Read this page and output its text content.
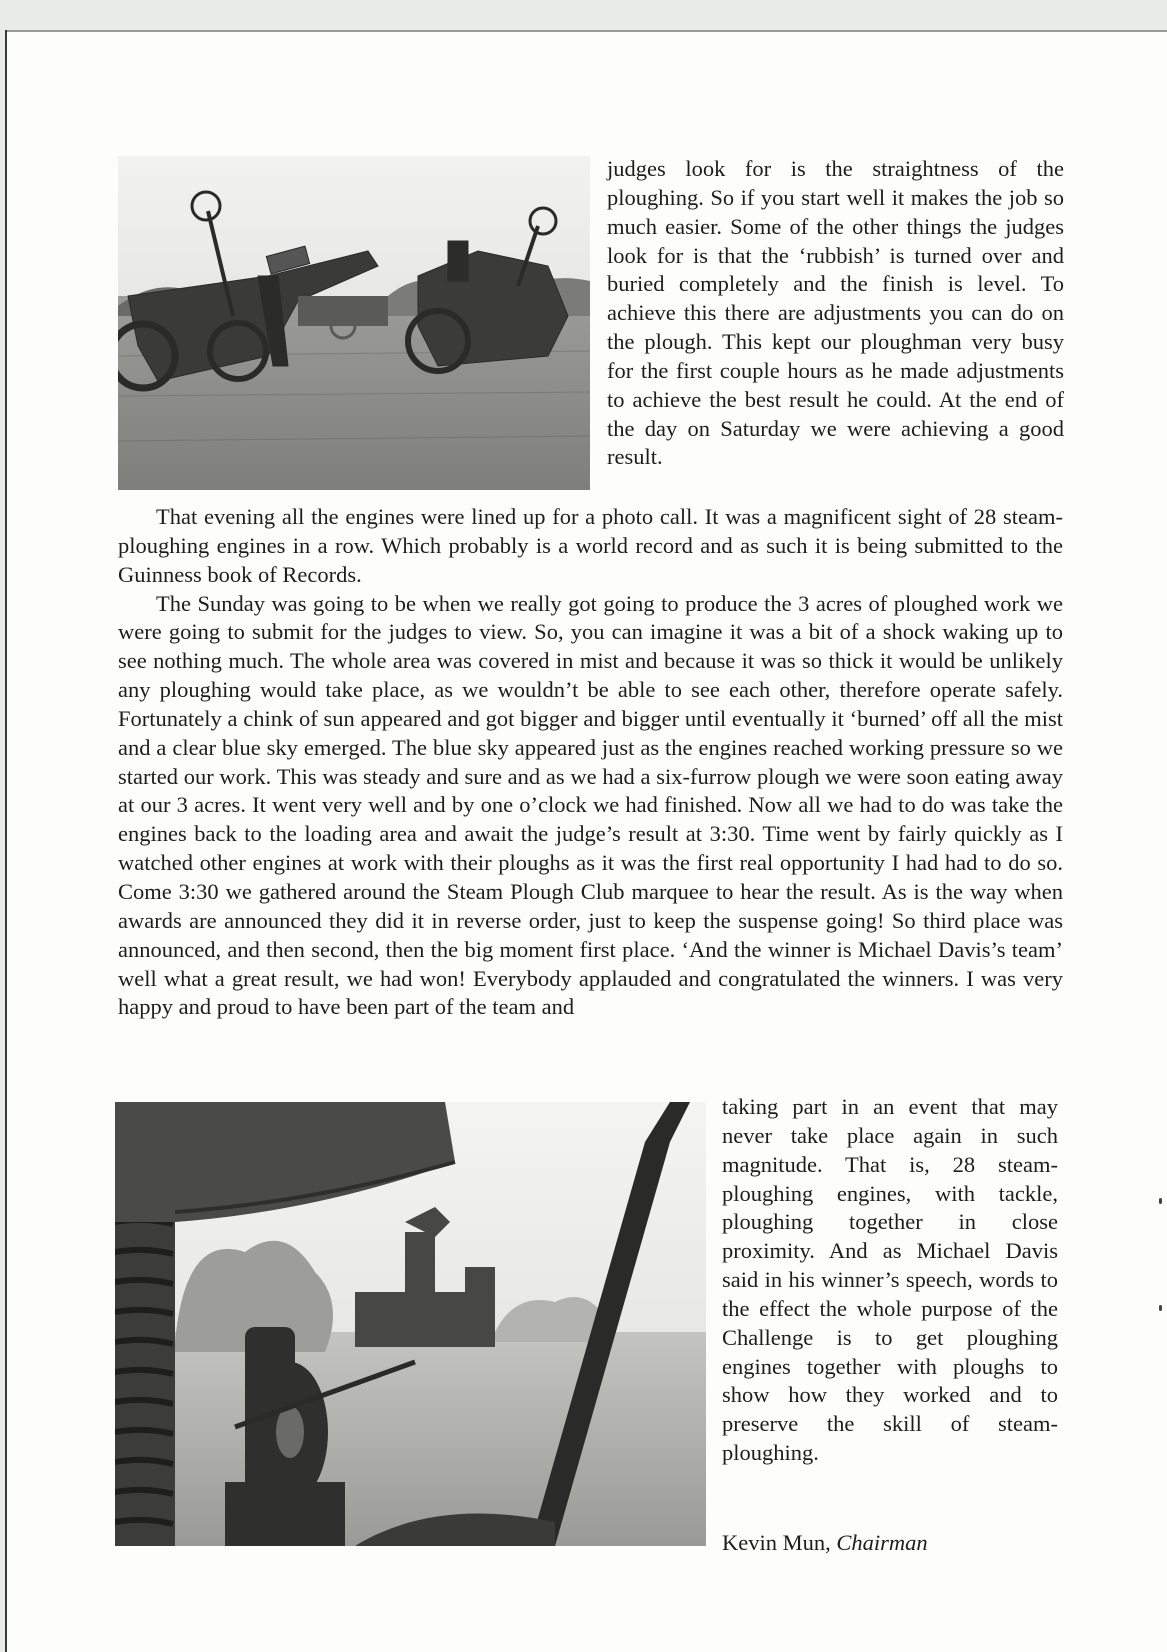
judges look for is the straightness of the ploughing. So if you start well it makes the job so much easier. Some of the other things the judges look for is that the ‘rubbish’ is turned over and buried completely and the finish is level. To achieve this there are adjustments you can do on the plough. This kept our ploughman very busy for the first couple hours as he made adjustments to achieve the best result he could. At the end of the day on Saturday we were achieving a good result.

That evening all the engines were lined up for a photo call. It was a magnificent sight of 28 steam-ploughing engines in a row. Which probably is a world record and as such it is being submitted to the Guinness book of Records.

The Sunday was going to be when we really got going to produce the 3 acres of ploughed work we were going to submit for the judges to view. So, you can imagine it was a bit of a shock waking up to see nothing much. The whole area was covered in mist and because it was so thick it would be unlikely any ploughing would take place, as we wouldn’t be able to see each other, therefore operate safely. Fortunately a chink of sun appeared and got bigger and bigger until eventually it ‘burned’ off all the mist and a clear blue sky emerged. The blue sky appeared just as the engines reached working pressure so we started our work. This was steady and sure and as we had a six-furrow plough we were soon eating away at our 3 acres. It went very well and by one o’clock we had finished. Now all we had to do was take the engines back to the loading area and await the judge’s result at 3:30. Time went by fairly quickly as I watched other engines at work with their ploughs as it was the first real opportunity I had had to do so. Come 3:30 we gathered around the Steam Plough Club marquee to hear the result. As is the way when awards are announced they did it in reverse order, just to keep the suspense going! So third place was announced, and then second, then the big moment first place. ‘And the winner is Michael Davis’s team’ well what a great result, we had won! Everybody applauded and congratulated the winners. I was very happy and proud to have been part of the team and

taking part in an event that may never take place again in such magnitude. That is, 28 steam-ploughing engines, with tackle, ploughing together in close proximity. And as Michael Davis said in his winner’s speech, words to the effect the whole purpose of the Challenge is to get ploughing engines together with ploughs to show how they worked and to preserve the skill of steam-ploughing.

Kevin Mun, Chairman
